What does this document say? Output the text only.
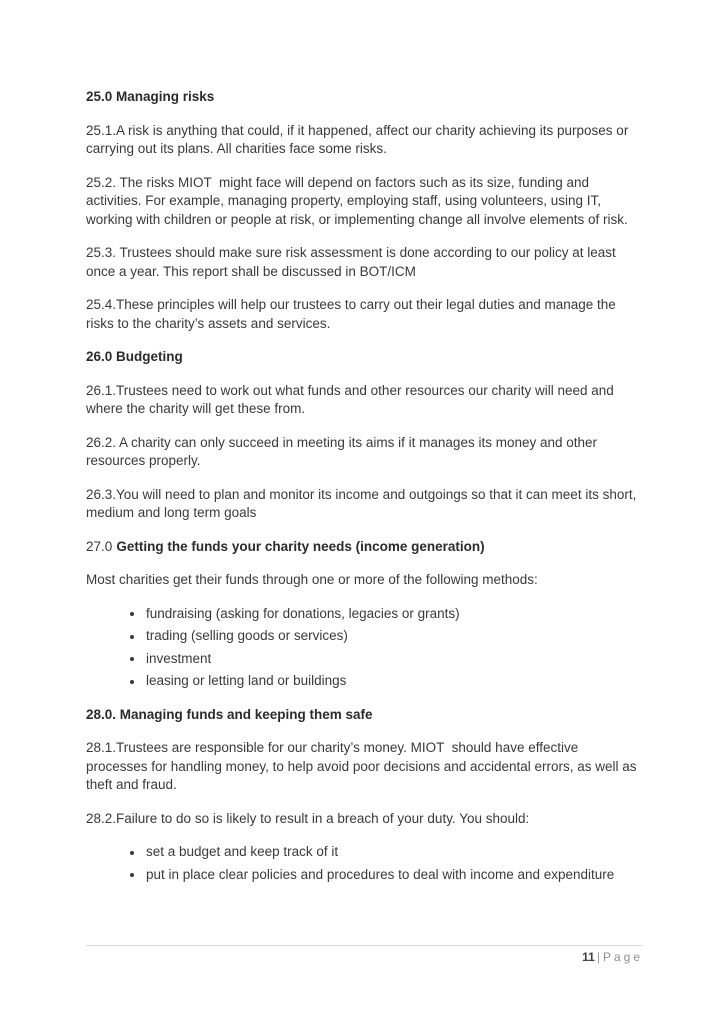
25.0 Managing risks

25.1.A risk is anything that could, if it happened, affect our charity achieving its purposes or carrying out its plans. All charities face some risks.

25.2. The risks MIOT  might face will depend on factors such as its size, funding and activities. For example, managing property, employing staff, using volunteers, using IT, working with children or people at risk, or implementing change all involve elements of risk.

25.3. Trustees should make sure risk assessment is done according to our policy at least once a year. This report shall be discussed in BOT/ICM

25.4.These principles will help our trustees to carry out their legal duties and manage the risks to the charity’s assets and services.

26.0 Budgeting

26.1.Trustees need to work out what funds and other resources our charity will need and where the charity will get these from.

26.2. A charity can only succeed in meeting its aims if it manages its money and other resources properly.

26.3.You will need to plan and monitor its income and outgoings so that it can meet its short, medium and long term goals

27.0 Getting the funds your charity needs (income generation)

Most charities get their funds through one or more of the following methods:

fundraising (asking for donations, legacies or grants)
trading (selling goods or services)
investment
leasing or letting land or buildings
28.0. Managing funds and keeping them safe

28.1.Trustees are responsible for our charity’s money. MIOT  should have effective processes for handling money, to help avoid poor decisions and accidental errors, as well as theft and fraud.

28.2.Failure to do so is likely to result in a breach of your duty. You should:

set a budget and keep track of it
put in place clear policies and procedures to deal with income and expenditure
11 | Page
